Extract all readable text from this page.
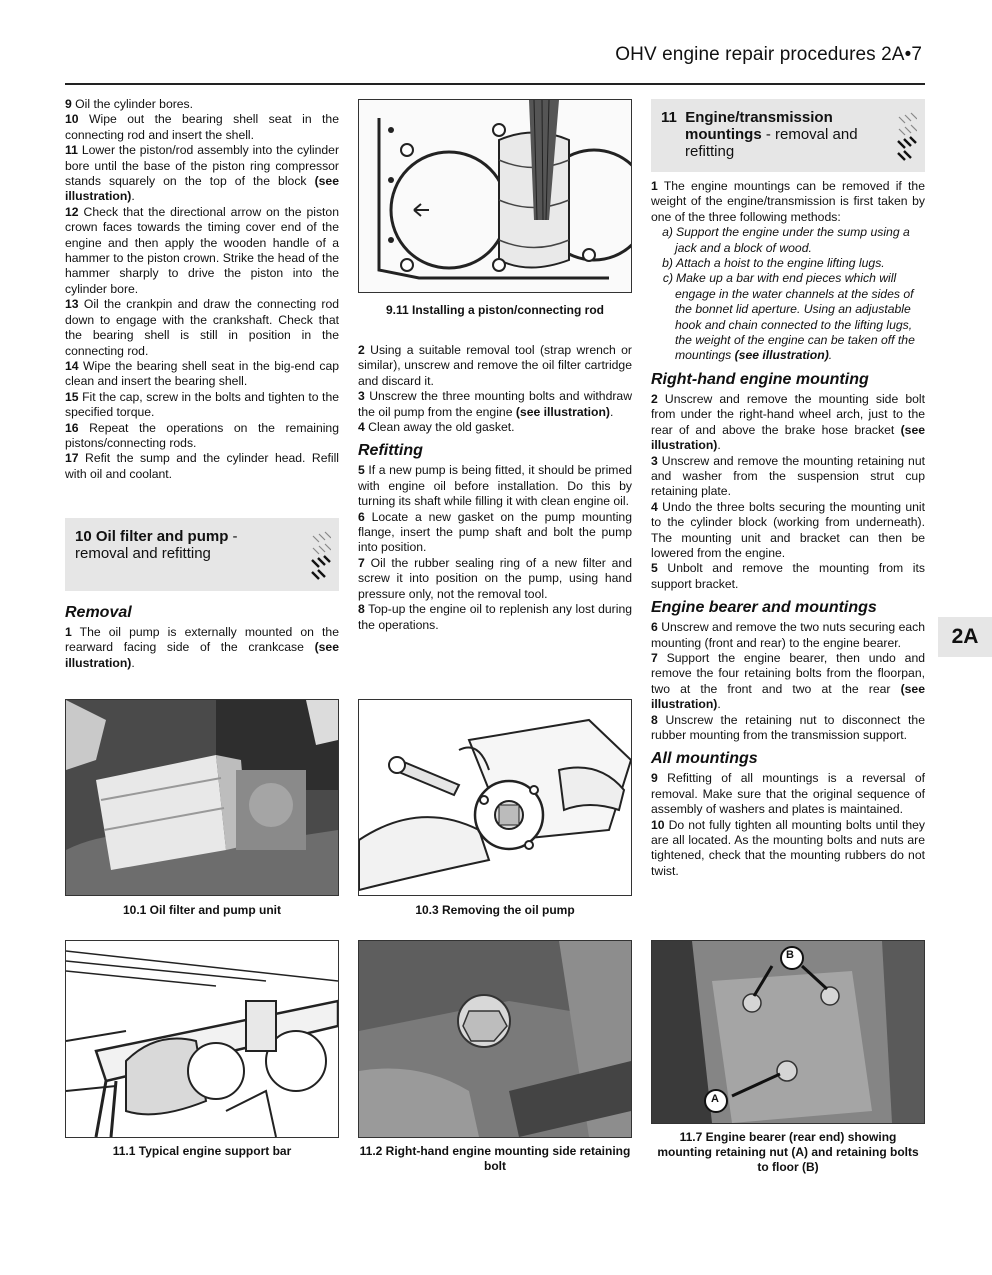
OHV engine repair procedures 2A•7

9 Oil the cylinder bores.

10 Wipe out the bearing shell seat in the connecting rod and insert the shell.

11 Lower the piston/rod assembly into the cylinder bore until the base of the piston ring compressor stands squarely on the top of the block (see illustration).

12 Check that the directional arrow on the piston crown faces towards the timing cover end of the engine and then apply the wooden handle of a hammer to the piston crown. Strike the head of the hammer sharply to drive the piston into the cylinder bore.

13 Oil the crankpin and draw the connecting rod down to engage with the crankshaft. Check that the bearing shell is still in position in the connecting rod.

14 Wipe the bearing shell seat in the big-end cap clean and insert the bearing shell.

15 Fit the cap, screw in the bolts and tighten to the specified torque.

16 Repeat the operations on the remaining pistons/connecting rods.

17 Refit the sump and the cylinder head. Refill with oil and coolant.

10 Oil filter and pump - removal and refitting
Removal

1 The oil pump is externally mounted on the rearward facing side of the crankcase (see illustration).

2 Using a suitable removal tool (strap wrench or similar), unscrew and remove the oil filter cartridge and discard it.

3 Unscrew the three mounting bolts and withdraw the oil pump from the engine (see illustration).

4 Clean away the old gasket.

Refitting

5 If a new pump is being fitted, it should be primed with engine oil before installation. Do this by turning its shaft while filling it with clean engine oil.

6 Locate a new gasket on the pump mounting flange, insert the pump shaft and bolt the pump into position.

7 Oil the rubber sealing ring of a new filter and screw it into position on the pump, using hand pressure only, not the removal tool.

8 Top-up the engine oil to replenish any lost during the operations.

11 Engine/transmission mountings - removal and refitting

1 The engine mountings can be removed if the weight of the engine/transmission is first taken by one of the three following methods:

a) Support the engine under the sump using a jack and a block of wood.
b) Attach a hoist to the engine lifting lugs.
c) Make up a bar with end pieces which will engage in the water channels at the sides of the bonnet lid aperture. Using an adjustable hook and chain connected to the lifting lugs, the weight of the engine can be taken off the mountings (see illustration).
Right-hand engine mounting

2 Unscrew and remove the mounting side bolt from under the right-hand wheel arch, just to the rear of and above the brake hose bracket (see illustration).

3 Unscrew and remove the mounting retaining nut and washer from the suspension strut cup retaining plate.

4 Undo the three bolts securing the mounting unit to the cylinder block (working from underneath). The mounting unit and bracket can then be lowered from the engine.

5 Unbolt and remove the mounting from its support bracket.

Engine bearer and mountings

6 Unscrew and remove the two nuts securing each mounting (front and rear) to the engine bearer.

7 Support the engine bearer, then undo and remove the four retaining bolts from the floorpan, two at the front and two at the rear (see illustration).

8 Unscrew the retaining nut to disconnect the rubber mounting from the transmission support.

All mountings

9 Refitting of all mountings is a reversal of removal. Make sure that the original sequence of assembly of washers and plates is maintained.

10 Do not fully tighten all mounting bolts until they are all located. As the mounting bolts and nuts are tightened, check that the mounting rubbers do not twist.

2A
9.11 Installing a piston/connecting rod
10.1 Oil filter and pump unit	10.3 Removing the oil pump
11.1 Typical engine support bar	11.2 Right-hand engine mounting side retaining bolt
B
A
11.7 Engine bearer (rear end) showing mounting retaining nut (A) and retaining bolts to floor (B)
